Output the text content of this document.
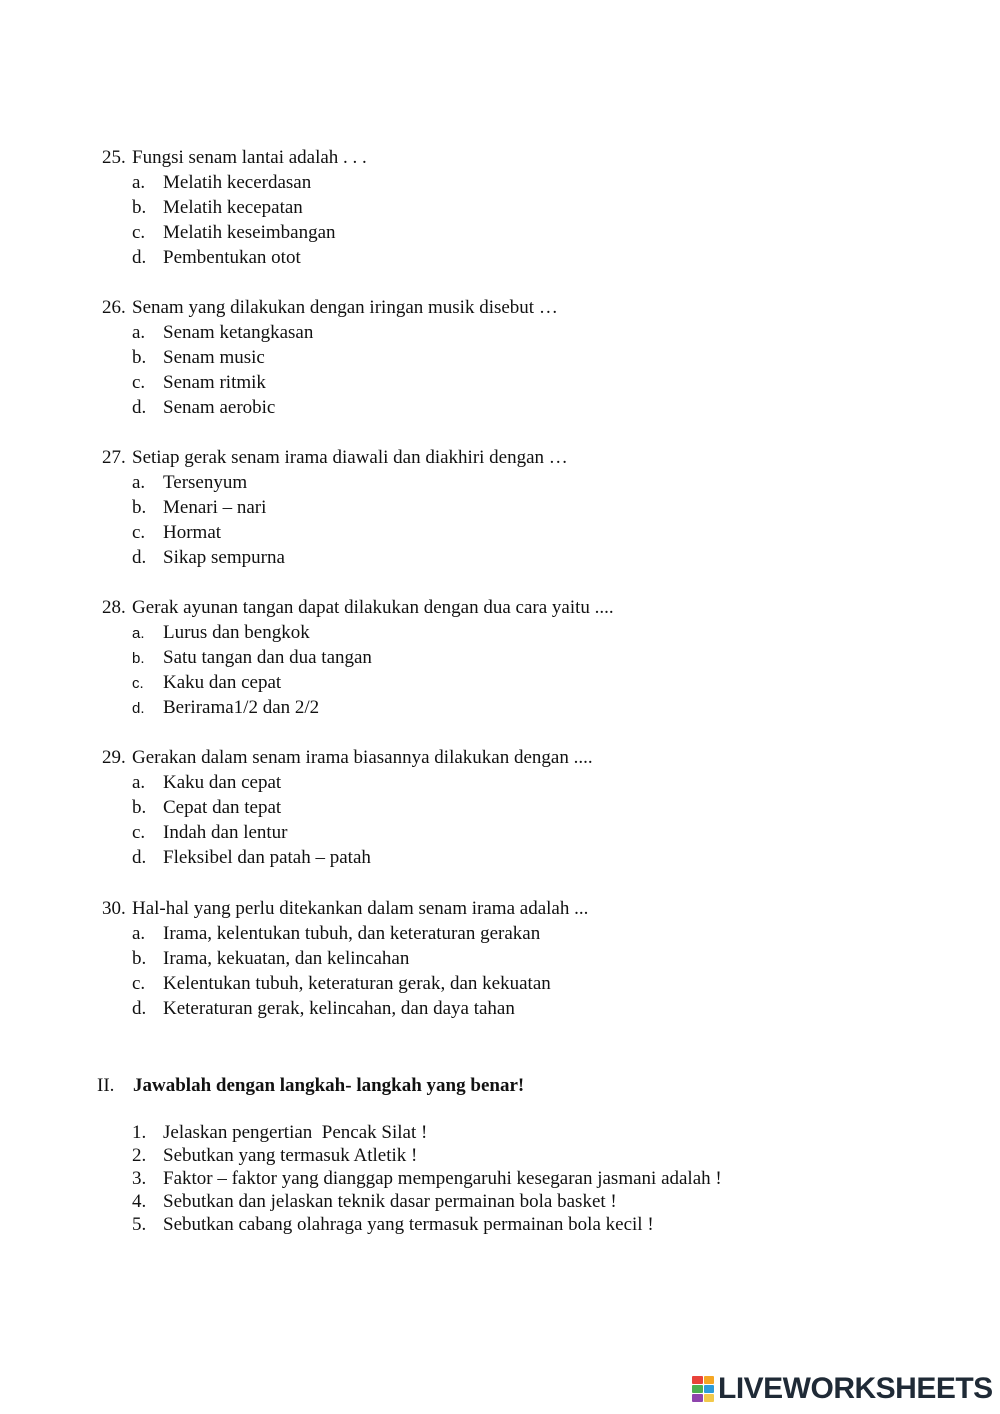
25. Fungsi senam lantai adalah . . .
a. Melatih kecerdasan
b. Melatih kecepatan
c. Melatih keseimbangan
d. Pembentukan otot
26. Senam yang dilakukan dengan iringan musik disebut …
a. Senam ketangkasan
b. Senam music
c. Senam ritmik
d. Senam aerobic
27. Setiap gerak senam irama diawali dan diakhiri dengan …
a. Tersenyum
b. Menari – nari
c. Hormat
d. Sikap sempurna
28. Gerak ayunan tangan dapat dilakukan dengan dua cara yaitu ....
a. Lurus dan bengkok
b. Satu tangan dan dua tangan
c. Kaku dan cepat
d. Berirama1/2 dan 2/2
29. Gerakan dalam senam irama biasannya dilakukan dengan ....
a. Kaku dan cepat
b. Cepat dan tepat
c. Indah dan lentur
d. Fleksibel dan patah – patah
30. Hal-hal yang perlu ditekankan dalam senam irama adalah ...
a. Irama, kelentukan tubuh, dan keteraturan gerakan
b. Irama, kekuatan, dan kelincahan
c. Kelentukan tubuh, keteraturan gerak, dan kekuatan
d. Keteraturan gerak, kelincahan, dan daya tahan
II. Jawablah dengan langkah- langkah yang benar!
1. Jelaskan pengertian  Pencak Silat !
2. Sebutkan yang termasuk Atletik !
3. Faktor – faktor yang dianggap mempengaruhi kesegaran jasmani adalah !
4. Sebutkan dan jelaskan teknik dasar permainan bola basket !
5. Sebutkan cabang olahraga yang termasuk permainan bola kecil !
LIVEWORKSHEETS
